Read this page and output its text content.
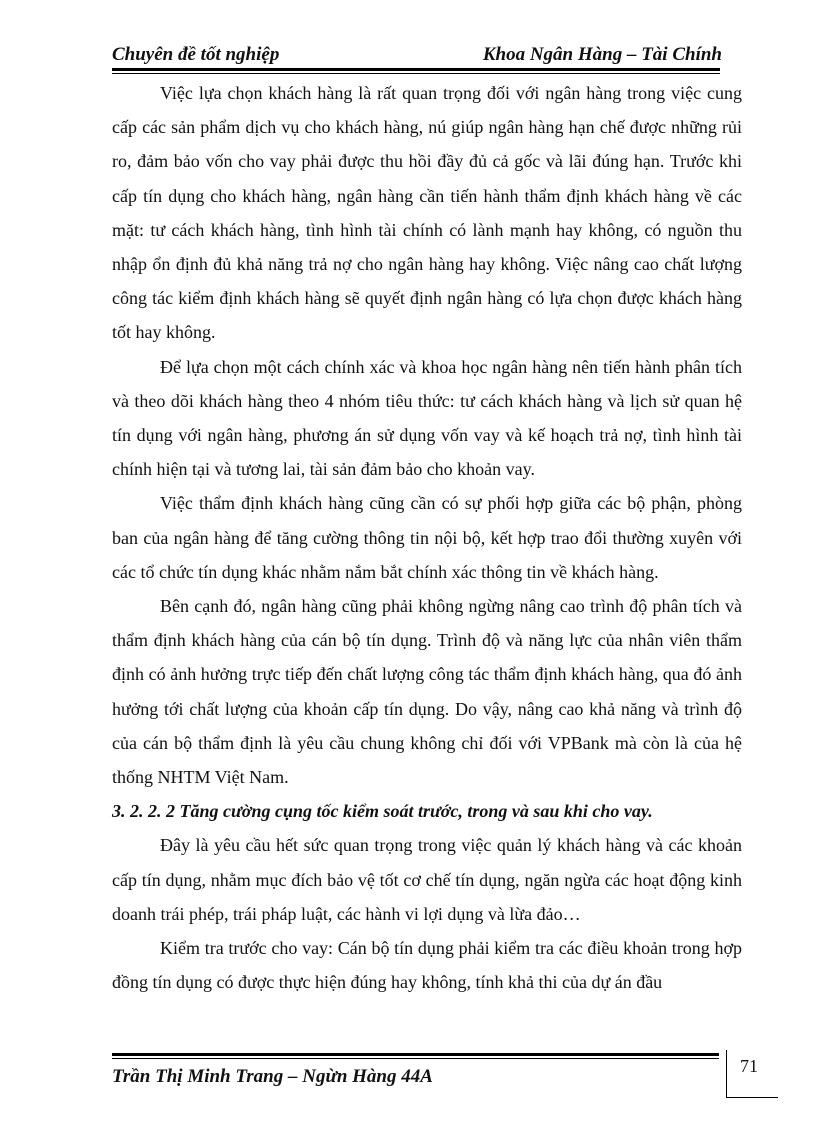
Chuyên đề tốt nghiệp	Khoa Ngân Hàng – Tài Chính

Việc lựa chọn khách hàng là rất quan trọng đối với ngân hàng trong việc cung cấp các sản phẩm dịch vụ cho khách hàng, nú giúp ngân hàng hạn chế được những rủi ro, đảm bảo vốn cho vay phải được thu hồi đầy đủ cả gốc và lãi đúng hạn. Trước khi cấp tín dụng cho khách hàng, ngân hàng cần tiến hành thẩm định khách hàng về các mặt: tư cách khách hàng, tình hình tài chính có lành mạnh hay không, có nguồn thu nhập ổn định đủ khả năng trả nợ cho ngân hàng hay không. Việc nâng cao chất lượng công tác kiểm định khách hàng sẽ quyết định ngân hàng có lựa chọn được khách hàng tốt hay không.

Để lựa chọn một cách chính xác và khoa học ngân hàng nên tiến hành phân tích và theo dõi khách hàng theo 4 nhóm tiêu thức: tư cách khách hàng và lịch sử quan hệ tín dụng với ngân hàng, phương án sử dụng vốn vay và kế hoạch trả nợ, tình hình tài chính hiện tại và tương lai, tài sản đảm bảo cho khoản vay.

Việc thẩm định khách hàng cũng cần có sự phối hợp giữa các bộ phận, phòng ban của ngân hàng để tăng cường thông tin nội bộ, kết hợp trao đổi thường xuyên với các tổ chức tín dụng khác nhằm nắm bắt chính xác thông tin về khách hàng.

Bên cạnh đó, ngân hàng cũng phải không ngừng nâng cao trình độ phân tích và thẩm định khách hàng của cán bộ tín dụng. Trình độ và năng lực của nhân viên thẩm định có ảnh hưởng trực tiếp đến chất lượng công tác thẩm định khách hàng, qua đó ảnh hưởng tới chất lượng của khoản cấp tín dụng. Do vậy, nâng cao khả năng và trình độ của cán bộ thẩm định là yêu cầu chung không chỉ đối với VPBank mà còn là của hệ thống NHTM Việt Nam.

3. 2. 2. 2 Tăng cường cụng tốc kiểm soát trước, trong và sau khi cho vay.

Đây là yêu cầu hết sức quan trọng trong việc quản lý khách hàng và các khoản cấp tín dụng, nhằm mục đích bảo vệ tốt cơ chế tín dụng, ngăn ngừa các hoạt động kinh doanh trái phép, trái pháp luật, các hành vi lợi dụng và lừa đảo…

Kiểm tra trước cho vay: Cán bộ tín dụng phải kiểm tra các điều khoản trong hợp đồng tín dụng có được thực hiện đúng hay không, tính khả thi của dự án đầu

Trần Thị Minh Trang – Ngừn Hàng 44A	71
